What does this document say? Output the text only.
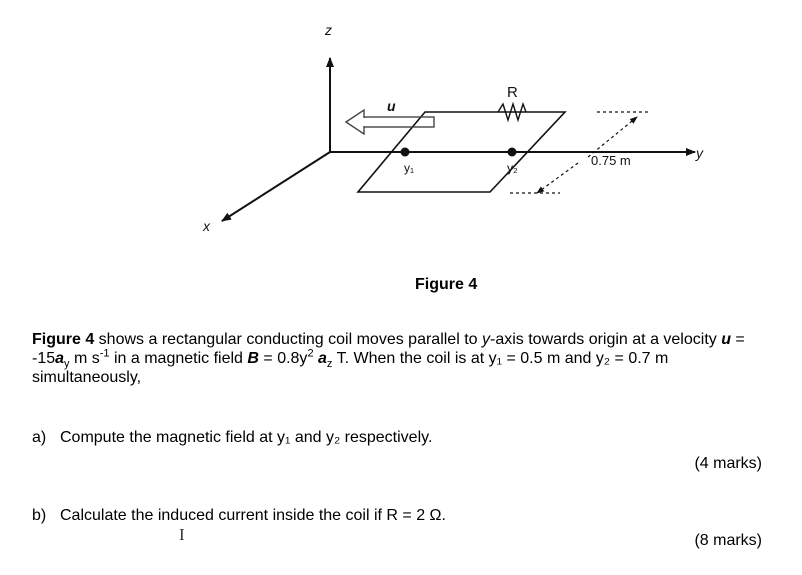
z
y
x
R
u
y₁	y₂	0.75 m
Figure 4
Figure 4 shows a rectangular conducting coil moves parallel to y-axis towards origin at a velocity $u = -15a_y$ m $s^{-1}$ in a magnetic field $B = 0.8y^2$ $a_z$ T. When the coil is at y₁ = 0.5 m and y₂ = 0.7 m simultaneously,
a) Compute the magnetic field at y₁ and y₂ respectively.
(4 marks)
b) Calculate the induced current inside the coil if R = 2 Ω.
(8 marks)
I
